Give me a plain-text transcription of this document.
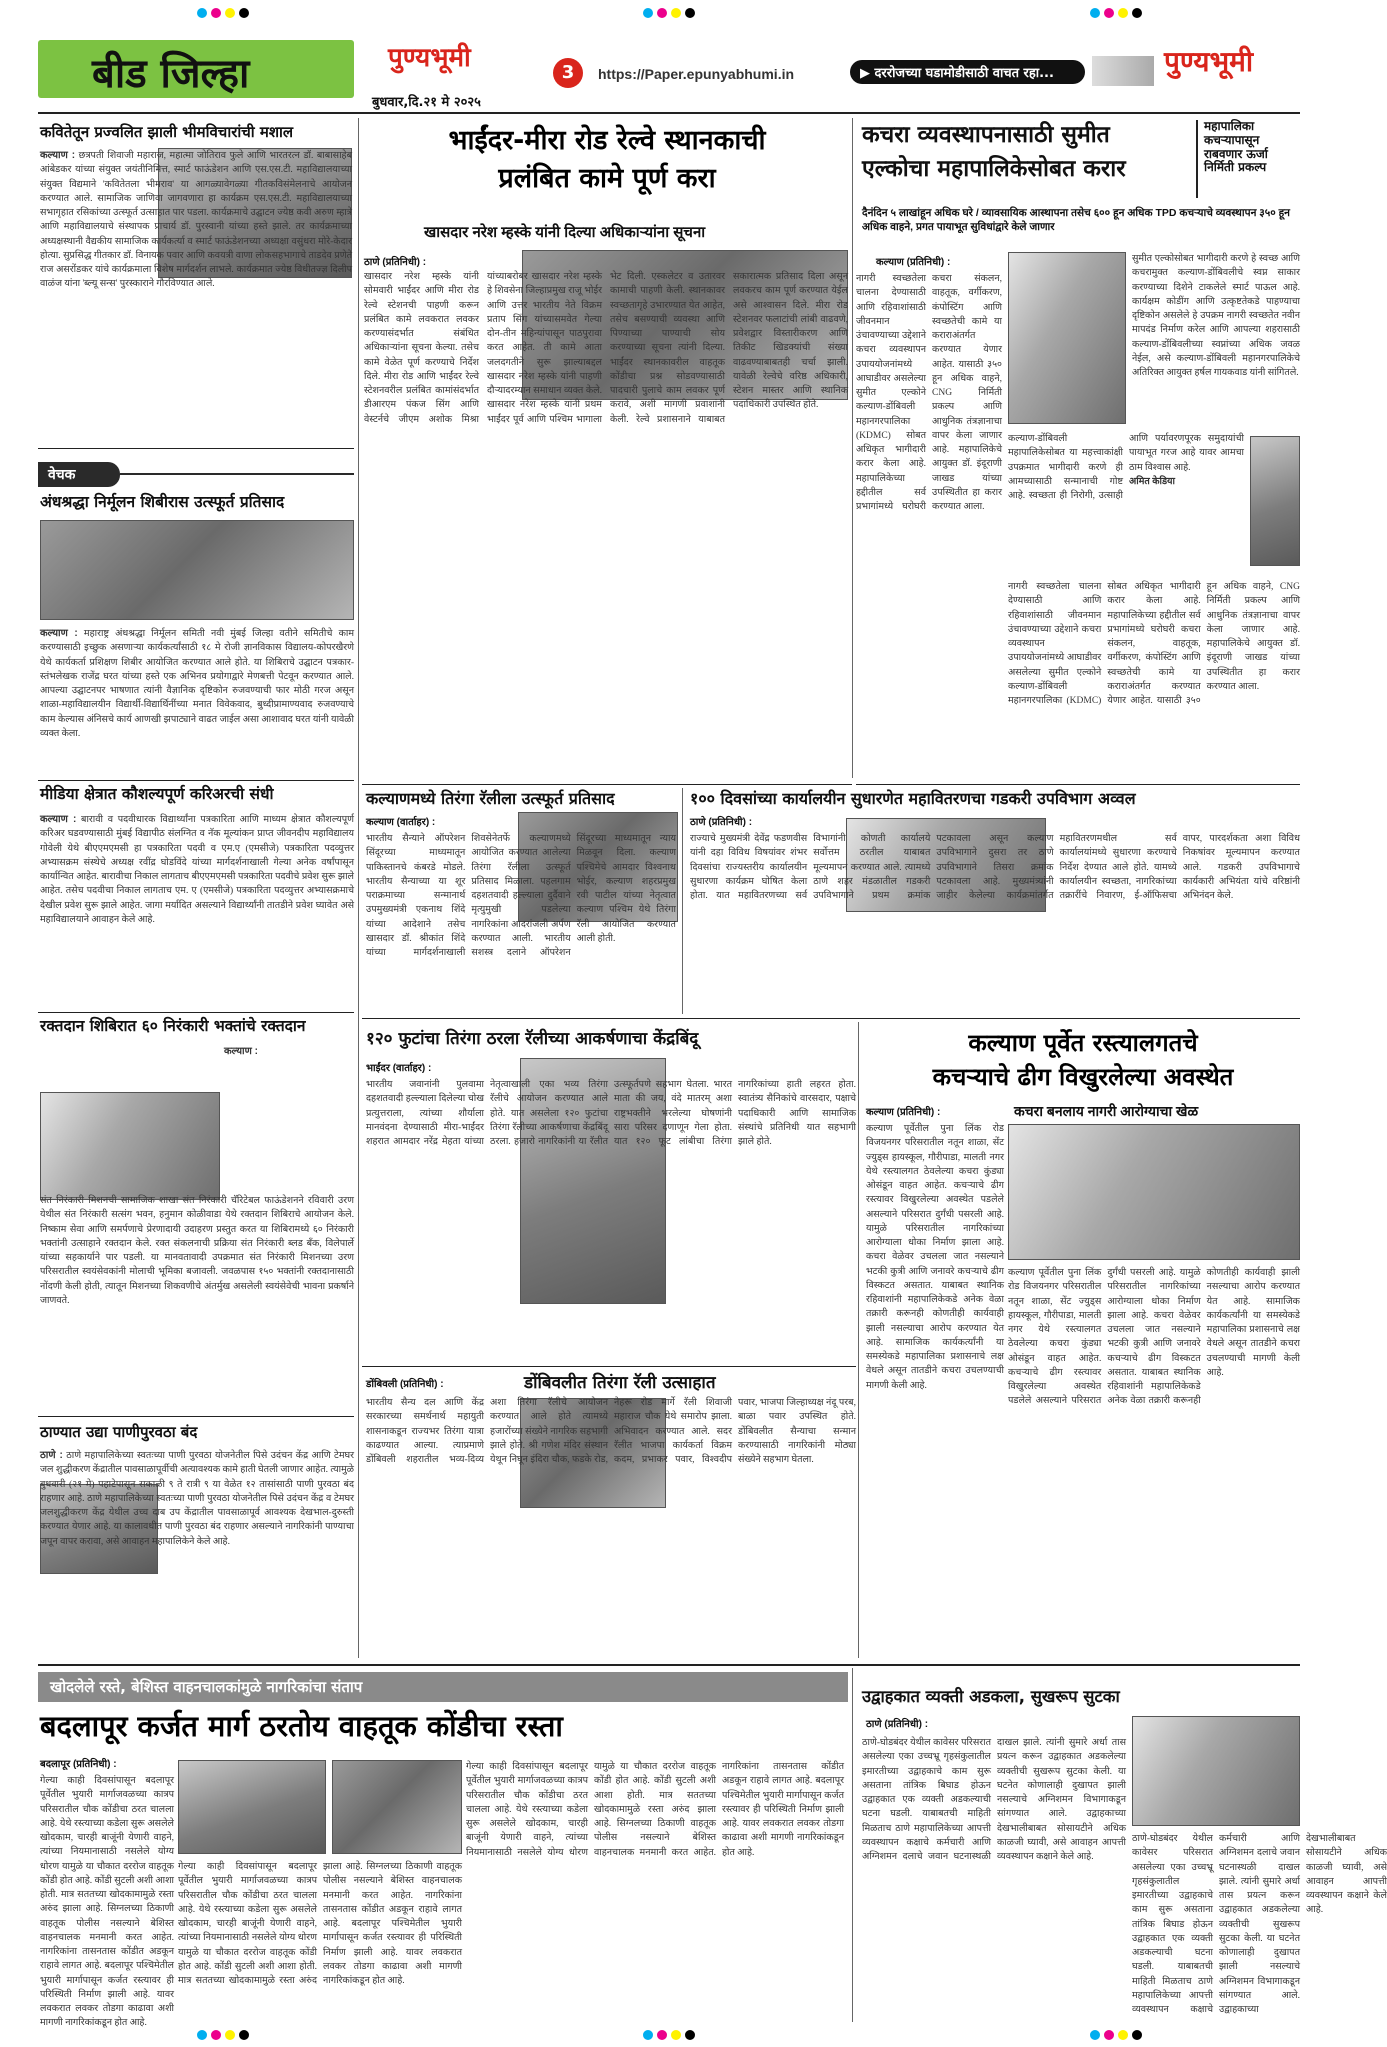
बीड जिल्हा	पुण्यभूमी	3	https://Paper.epunyabhumi.in	▶ दररोजच्या घडामोडीसाठी वाचत रहा...	पुण्यभूमी
बुधवार,दि.२१ मे २०२५
कवितेतून प्रज्वलित झाली भीमविचारांची मशाल

कल्याण : छत्रपती शिवाजी महाराज, महात्मा जोतिराव फुले आणि भारतरत्न डॉ. बाबासाहेब आंबेडकर यांच्या संयुक्त जयंतीनिमित्त, स्मार्ट फाऊंडेशन आणि एस.एस.टी. महाविद्यालयाच्या संयुक्त विद्यमाने 'कवितेतला भीमराव' या आगळ्यावेगळ्या गीतकविसंमेलनाचे आयोजन करण्यात आले. सामाजिक जाणिवा जागवणारा हा कार्यक्रम एस.एस.टी. महाविद्यालयाच्या सभागृहात रसिकांच्या उत्स्फूर्त उत्साहात पार पडला. कार्यक्रमाचे उद्घाटन ज्येष्ठ कवी अरुण म्हात्रे आणि महाविद्यालयाचे संस्थापक प्राचार्य डॉ. पुरस्वानी यांच्या हस्ते झाले. तर कार्यक्रमाच्या अध्यक्षस्थानी वैद्यकीय सामाजिक कार्यकर्त्या व स्मार्ट फाऊंडेशनच्या अध्यक्षा वसुंधरा मोरे-केदार होत्या. सुप्रसिद्ध गीतकार डॉ. विनायक पवार आणि कवयत्री वाणा लोकसहभागाचे ताडदेव प्रणेते राज असरोंडकर यांचे कार्यक्रमाला विशेष मार्गदर्शन लाभले. कार्यक्रमात ज्येष्ठ विधीतज्ज्ञ दिलीप वाळंज यांना 'ब्ल्यू सन्स' पुरस्काराने गौरविण्यात आले.

वेचक
अंधश्रद्धा निर्मूलन शिबीरास उत्स्फूर्त प्रतिसाद

कल्याण : महाराष्ट्र अंधश्रद्धा निर्मूलन समिती नवी मुंबई जिल्हा वतीने समितीचे काम करण्यासाठी इच्छुक असणाऱ्या कार्यकर्त्यांसाठी १८ मे रोजी ज्ञानविकास विद्यालय-कोपरखैरणे येथे कार्यकर्ता प्रशिक्षण शिबीर आयोजित करण्यात आले होते. या शिबिराचे उद्घाटन पत्रकार-स्तंभलेखक राजेंद्र घरत यांच्या हस्ते एक अभिनव प्रयोगाद्वारे मेणबत्ती पेटवून करण्यात आले. आपल्या उद्घाटनपर भाषणात त्यांनी वैज्ञानिक दृष्टिकोन रुजवण्याची फार मोठी गरज असून शाळा-महाविद्यालयीन विद्यार्थी-विद्यार्थिनींच्या मनात विवेकवाद, बुध्दीप्रामाण्यवाद रुजवण्याचे काम केल्यास अंनिसचे कार्य आणखी झपाट्याने वाढत जाईल असा आशावाद घरत यांनी यावेळी व्यक्त केला.

मीडिया क्षेत्रात कौशल्यपूर्ण करिअरची संधी

कल्याण : बारावी व पदवीधारक विद्यार्थ्यांना पत्रकारिता आणि माध्यम क्षेत्रात कौशल्यपूर्ण करिअर घडवण्यासाठी मुंबई विद्यापीठ संलग्नित व नॅक मूल्यांकन प्राप्त जीवनदीप महाविद्यालय गोवेली येथे बीएएमएमसी हा पत्रकारिता पदवी व एम.ए (एमसीजे) पत्रकारिता पदव्युत्तर अभ्यासक्रम संस्थेचे अध्यक्ष रवींद्र घोडविंदे यांच्या मार्गदर्शनाखाली गेल्या अनेक वर्षांपासून कार्यान्वित आहेत. बारावीचा निकाल लागताच बीएएमएमसी पत्रकारिता पदवीचे प्रवेश सुरू झाले आहेत. तसेच पदवीचा निकाल लागताच एम. ए (एमसीजे) पत्रकारिता पदव्युत्तर अभ्यासक्रमाचे देखील प्रवेश सुरू झाले आहेत. जागा मर्यादित असल्याने विद्यार्थ्यांनी तातडीने प्रवेश घ्यावेत असे महाविद्यालयाने आवाहन केले आहे.

रक्तदान शिबिरात ६० निरंकारी भक्तांचे रक्तदान

कल्याण :

संत निरंकारी मिशनची सामाजिक शाखा संत निरंकारी चॅरिटेबल फाऊंडेशनने रविवारी उरण येथील संत निरंकारी सत्संग भवन, हनुमान कोळीवाडा येथे रक्तदान शिबिराचे आयोजन केले. निष्काम सेवा आणि समर्पणाचे प्रेरणादायी उदाहरण प्रस्तुत करत या शिबिरामध्ये ६० निरंकारी भक्तांनी उत्साहाने रक्तदान केले. रक्त संकलनाची प्रक्रिया संत निरंकारी ब्लड बँक, विलेपार्ले यांच्या सहकार्याने पार पडली. या मानवतावादी उपक्रमात संत निरंकारी मिशनच्या उरण परिसरातील स्वयंसेवकांनी मोलाची भूमिका बजावली. जवळपास १५० भक्तांनी रक्तदानासाठी नोंदणी केली होती, त्यातून मिशनच्या शिकवणीचे अंतर्मुख असलेली स्वयंसेवेची भावना प्रकर्षाने जाणवते.

ठाण्यात उद्या पाणीपुरवठा बंद

ठाणे : ठाणे महापालिकेच्या स्वतःच्या पाणी पुरवठा योजनेतील पिसे उदंचन केंद्र आणि टेमघर जल शुद्धीकरण केंद्रातील पावसाळापूर्वीची अत्यावश्यक कामे हाती घेतली जाणार आहेत. त्यामुळे बुधवारी (२१ मे) पहाटेपासून सकाळी ९ ते रात्री ९ या वेळेत १२ तासांसाठी पाणी पुरवठा बंद राहणार आहे. ठाणे महापालिकेच्या स्वतःच्या पाणी पुरवठा योजनेतील पिसे उदंचन केंद्र व टेमघर जलशुद्धीकरण केंद्र येथील उच्च दाब उप केंद्रातील पावसाळापूर्व आवश्यक देखभाल-दुरुस्ती करण्यात येणार आहे. या कालावधीत पाणी पुरवठा बंद राहणार असल्याने नागरिकांनी पाण्याचा जपून वापर करावा, असे आवाहन महापालिकेने केले आहे.

भाईंदर-मीरा रोड रेल्वे स्थानकाची
प्रलंबित कामे पूर्ण करा
खासदार नरेश म्हस्के यांनी दिल्या अधिकाऱ्यांना सूचना
ठाणे (प्रतिनिधी) :

खासदार नरेश म्हस्के यांनी सोमवारी भाईंदर आणि मीरा रोड रेल्वे स्टेशनची पाहणी करून प्रलंबित कामे लवकरात लवकर करण्यासंदर्भात संबंधित अधिकाऱ्यांना सूचना केल्या. तसेच कामे वेळेत पूर्ण करण्याचे निर्देश दिले. मीरा रोड आणि भाईंदर रेल्वे स्टेशनवरील प्रलंबित कामांसंदर्भात डीआरएम पंकज सिंग आणि वेस्टर्नचे जीएम अशोक मिश्रा यांच्याबरोबर खासदार नरेश म्हस्के हे शिवसेना जिल्हाप्रमुख राजू भोईर आणि उत्तर भारतीय नेते विक्रम प्रताप सिंग यांच्यासमवेत गेल्या दोन-तीन महिन्यांपासून पाठपुरावा करत आहेत. ती कामे आता जलदगतीने सुरू झाल्याबद्दल खासदार नरेश म्हस्के यांनी पाहणी दौऱ्यादरम्यान समाधान व्यक्त केले. खासदार नरेश म्हस्के यांनी प्रथम भाईंदर पूर्व आणि पश्चिम भागाला भेट दिली. एस्कलेटर व उतारवर कामाची पाहणी केली. स्थानकावर स्वच्छतागृहे उभारण्यात येत आहेत, तसेच बसण्याची व्यवस्था आणि पिण्याच्या पाण्याची सोय करण्याच्या सूचना त्यांनी दिल्या. भाईंदर स्थानकावरील वाहतूक कोंडीचा प्रश्न सोडवण्यासाठी पादचारी पुलाचे काम लवकर पूर्ण करावे, अशी मागणी प्रवाशांनी केली. रेल्वे प्रशासनाने याबाबत सकारात्मक प्रतिसाद दिला असून लवकरच काम पूर्ण करण्यात येईल असे आश्वासन दिले. मीरा रोड स्टेशनवर फलाटांची लांबी वाढवणे, प्रवेशद्वार विस्तारीकरण आणि तिकीट खिडक्यांची संख्या वाढवण्याबाबतही चर्चा झाली. यावेळी रेल्वेचे वरिष्ठ अधिकारी, स्टेशन मास्तर आणि स्थानिक पदाधिकारी उपस्थित होते.

कचरा व्यवस्थापनासाठी सुमीत
एल्कोचा महापालिकेसोबत करार
दैनंदिन ५ लाखांहून अधिक घरे / व्यावसायिक आस्थापना तसेच ६०० हून अधिक TPD कचऱ्याचे व्यवस्थापन ३५० हून अधिक वाहने, प्रगत पायाभूत सुविधांद्वारे केले जाणार
महापालिका
कचऱ्यापासून
राबवणार ऊर्जा
निर्मिती प्रकल्प
कल्याण (प्रतिनिधी) :

नागरी स्वच्छतेला चालना देण्यासाठी आणि रहिवाशांसाठी जीवनमान उंचावण्याच्या उद्देशाने कचरा व्यवस्थापन उपाययोजनांमध्ये आघाडीवर असलेल्या सुमीत एल्कोने कल्याण-डोंबिवली महानगरपालिका (KDMC) सोबत अधिकृत भागीदारी करार केला आहे. महापालिकेच्या हद्दीतील सर्व प्रभागांमध्ये घरोघरी कचरा संकलन, वाहतूक, वर्गीकरण, कंपोस्टिंग आणि स्वच्छतेची कामे या कराराअंतर्गत करण्यात येणार आहेत. यासाठी ३५० हून अधिक वाहने, CNG निर्मिती प्रकल्प आणि आधुनिक तंत्रज्ञानाचा वापर केला जाणार आहे. महापालिकेचे आयुक्त डॉ. इंदूराणी जाखड यांच्या उपस्थितीत हा करार करण्यात आला.

सुमीत एल्कोसोबत भागीदारी करणे हे स्वच्छ आणि कचरामुक्त कल्याण-डोंबिवलीचे स्वप्न साकार करण्याच्या दिशेने टाकलेले स्मार्ट पाऊल आहे. कार्यक्षम कोडींग आणि उत्कृष्टतेकडे पाहण्याचा दृष्टिकोन असलेले हे उपक्रम नागरी स्वच्छतेत नवीन मापदंड निर्माण करेल आणि आपल्या शहरासाठी कल्याण-डोंबिवलीच्या स्वप्नांच्या अधिक जवळ नेईल, असे कल्याण-डोंबिवली महानगरपालिकेचे अतिरिक्त आयुक्त हर्षल गायकवाड यांनी सांगितले.

कल्याण-डोंबिवली महापालिकेसोबत या महत्त्वाकांक्षी उपक्रमात भागीदारी करणे ही आमच्यासाठी सन्मानाची गोष्ट आहे. स्वच्छता ही निरोगी, उत्साही आणि पर्यावरणपूरक समुदायांची पायाभूत गरज आहे यावर आमचा ठाम विश्वास आहे.

अमित केडिया

नागरी स्वच्छतेला चालना देण्यासाठी आणि रहिवाशांसाठी जीवनमान उंचावण्याच्या उद्देशाने कचरा व्यवस्थापन उपाययोजनांमध्ये आघाडीवर असलेल्या सुमीत एल्कोने कल्याण-डोंबिवली महानगरपालिका (KDMC) सोबत अधिकृत भागीदारी करार केला आहे. महापालिकेच्या हद्दीतील सर्व प्रभागांमध्ये घरोघरी कचरा संकलन, वाहतूक, वर्गीकरण, कंपोस्टिंग आणि स्वच्छतेची कामे या कराराअंतर्गत करण्यात येणार आहेत. यासाठी ३५० हून अधिक वाहने, CNG निर्मिती प्रकल्प आणि आधुनिक तंत्रज्ञानाचा वापर केला जाणार आहे. महापालिकेचे आयुक्त डॉ. इंदूराणी जाखड यांच्या उपस्थितीत हा करार करण्यात आला.

कल्याणमध्ये तिरंगा रॅलीला उत्स्फूर्त प्रतिसाद
कल्याण (वार्ताहर) :

भारतीय सैन्याने ऑपरेशन सिंदूरच्या माध्यमातून पाकिस्तानचे कंबरडे मोडले. भारतीय सैन्याच्या या शूर पराक्रमाच्या सन्मानार्थ उपमुख्यमंत्री एकनाथ शिंदे यांच्या आदेशाने तसेच खासदार डॉ. श्रीकांत शिंदे यांच्या मार्गदर्शनाखाली शिवसेनेतर्फे कल्याणमध्ये आयोजित करण्यात आलेल्या तिरंगा रॅलीला उत्स्फूर्त प्रतिसाद मिळाला. पहलगाम दहशतवादी हल्ल्याला दुर्दैवाने मृत्युमुखी पडलेल्या नागरिकांना आदरांजली अर्पण करण्यात आली. भारतीय सशस्त्र दलाने ऑपरेशन सिंदूरच्या माध्यमातून न्याय मिळवून दिला. कल्याण पश्चिमेचे आमदार विश्वनाथ भोईर, कल्याण शहरप्रमुख रवी पाटील यांच्या नेतृत्वात कल्याण पश्चिम येथे तिरंगा रॅली आयोजित करण्यात आली होती.

१०० दिवसांच्या कार्यालयीन सुधारणेत महावितरणचा गडकरी उपविभाग अव्वल
ठाणे (प्रतिनिधी) :

राज्याचे मुख्यमंत्री देवेंद्र फडणवीस यांनी दहा विविध विषयांवर शंभर दिवसांचा राज्यस्तरीय कार्यालयीन सुधारणा कार्यक्रम घोषित केला होता. यात महावितरणच्या सर्व विभागांनी कोणती कार्यालये सर्वोत्तम ठरतील याबाबत मूल्यमापन करण्यात आले. त्यामध्ये ठाणे शहर मंडळातील गडकरी उपविभागाने प्रथम क्रमांक पटकावला असून कल्याण उपविभागाने दुसरा तर ठाणे उपविभागाने तिसरा क्रमांक पटकावला आहे. मुख्यमंत्र्यांनी जाहीर केलेल्या कार्यक्रमांतर्गत महावितरणमधील सर्व कार्यालयांमध्ये सुधारणा करण्याचे निर्देश देण्यात आले होते. यामध्ये कार्यालयीन स्वच्छता, नागरिकांच्या तक्रारींचे निवारण, ई-ऑफिसचा वापर, पारदर्शकता अशा विविध निकषांवर मूल्यमापन करण्यात आले. गडकरी उपविभागाचे कार्यकारी अभियंता यांचे वरिष्ठांनी अभिनंदन केले.

१२० फुटांचा तिरंगा ठरला रॅलीच्या आकर्षणाचा केंद्रबिंदू
भाईंदर (वार्ताहर) :

भारतीय जवानांनी पुलवामा दहशतवादी हल्ल्याला दिलेल्या चोख प्रत्युत्तराला, त्यांच्या शौर्याला मानवंदना देण्यासाठी मीरा-भाईंदर शहरात आमदार नरेंद्र मेहता यांच्या नेतृत्वाखाली एका भव्य तिरंगा रॅलीचे आयोजन करण्यात आले होते. यात असलेला १२० फुटांचा तिरंगा रॅलीच्या आकर्षणाचा केंद्रबिंदू ठरला. हजारो नागरिकांनी या रॅलीत उत्स्फूर्तपणे सहभाग घेतला. भारत माता की जय, वंदे मातरम् अशा राष्ट्रभक्तीने भरलेल्या घोषणांनी सारा परिसर दणाणून गेला होता. यात १२० फूट लांबीचा तिरंगा नागरिकांच्या हाती लहरत होता. स्वातंत्र्य सैनिकांचे वारसदार, पक्षाचे पदाधिकारी आणि सामाजिक संस्थांचे प्रतिनिधी यात सहभागी झाले होते.

डोंबिवली (प्रतिनिधी) :	डोंबिवलीत तिरंगा रॅली उत्साहात

भारतीय सैन्य दल आणि केंद्र सरकारच्या समर्थनार्थ महायुती शासनाकडून राज्यभर तिरंगा यात्रा काढण्यात आल्या. त्याप्रमाणे डोंबिवली शहरातील भव्य-दिव्य अशा तिरंगा रॅलीचे आयोजन करण्यात आले होते त्यामध्ये हजारोंच्या संख्येने नागरिक सहभागी झाले होते. श्री गणेश मंदिर संस्थान येथून निघून इंदिरा चौक, फडके रोड, नेहरू रोड मार्गे रॅली शिवाजी महाराज चौक येथे समारोप झाला. अभिवादन करण्यात आले. सदर रॅलीत भाजपा कार्यकर्ता विक्रम कदम, प्रभाकर पवार, विश्वदीप पवार, भाजपा जिल्हाध्यक्ष नंदू परब, बाळा पवार उपस्थित होते. डोंबिवलीत सैन्याचा सन्मान करण्यासाठी नागरिकांनी मोठ्या संख्येने सहभाग घेतला.

कल्याण पूर्वेत रस्त्यालगतचे
कचऱ्याचे ढीग विखुरलेल्या अवस्थेत
कल्याण (प्रतिनिधी) :	कचरा बनलाय नागरी आरोग्याचा खेळ

कल्याण पूर्वेतील पुना लिंक रोड विजयनगर परिसरातील नतून शाळा, सेंट ज्युड्स हायस्कूल, गौरीपाडा, मालती नगर येथे रस्त्यालगत ठेवलेल्या कचरा कुंड्या ओसंडून वाहत आहेत. कचऱ्याचे ढीग रस्त्यावर विखुरलेल्या अवस्थेत पडलेले असल्याने परिसरात दुर्गंधी पसरली आहे. यामुळे परिसरातील नागरिकांच्या आरोग्याला धोका निर्माण झाला आहे. कचरा वेळेवर उचलला जात नसल्याने भटकी कुत्री आणि जनावरे कचऱ्याचे ढीग विस्कटत असतात. याबाबत स्थानिक रहिवाशांनी महापालिकेकडे अनेक वेळा तक्रारी करूनही कोणतीही कार्यवाही झाली नसल्याचा आरोप करण्यात येत आहे. सामाजिक कार्यकर्त्यांनी या समस्येकडे महापालिका प्रशासनाचे लक्ष वेधले असून तातडीने कचरा उचलण्याची मागणी केली आहे.

कल्याण पूर्वेतील पुना लिंक रोड विजयनगर परिसरातील नतून शाळा, सेंट ज्युड्स हायस्कूल, गौरीपाडा, मालती नगर येथे रस्त्यालगत ठेवलेल्या कचरा कुंड्या ओसंडून वाहत आहेत. कचऱ्याचे ढीग रस्त्यावर विखुरलेल्या अवस्थेत पडलेले असल्याने परिसरात दुर्गंधी पसरली आहे. यामुळे परिसरातील नागरिकांच्या आरोग्याला धोका निर्माण झाला आहे. कचरा वेळेवर उचलला जात नसल्याने भटकी कुत्री आणि जनावरे कचऱ्याचे ढीग विस्कटत असतात. याबाबत स्थानिक रहिवाशांनी महापालिकेकडे अनेक वेळा तक्रारी करूनही कोणतीही कार्यवाही झाली नसल्याचा आरोप करण्यात येत आहे. सामाजिक कार्यकर्त्यांनी या समस्येकडे महापालिका प्रशासनाचे लक्ष वेधले असून तातडीने कचरा उचलण्याची मागणी केली आहे.

खोदलेले रस्ते, बेशिस्त वाहनचालकांमुळे नागरिकांचा संताप
बदलापूर कर्जत मार्ग ठरतोय वाहतूक कोंडीचा रस्ता
बदलापूर (प्रतिनिधी) :

गेल्या काही दिवसांपासून बदलापूर पूर्वेतील भुयारी मार्गाजवळच्या कात्रप परिसरातील चौक कोंडीचा ठरत चालला आहे. येथे रस्त्याच्या कडेला सुरू असलेले खोदकाम, चारही बाजूंनी येणारी वाहने, त्यांच्या नियमानासाठी नसलेले योग्य धोरण यामुळे या चौकात दररोज वाहतूक कोंडी होत आहे. कोंडी सुटली अशी आशा होती. मात्र सततच्या खोदकामामुळे रस्ता अरुंद झाला आहे. सिग्नलच्या ठिकाणी वाहतूक पोलीस नसल्याने बेशिस्त वाहनचालक मनमानी करत आहेत. नागरिकांना तासनतास कोंडीत अडकून राहावे लागत आहे. बदलापूर पश्चिमेतील भुयारी मार्गापासून कर्जत रस्त्यावर ही परिस्थिती निर्माण झाली आहे. यावर लवकरात लवकर तोडगा काढावा अशी मागणी नागरिकांकडून होत आहे.

गेल्या काही दिवसांपासून बदलापूर पूर्वेतील भुयारी मार्गाजवळच्या कात्रप परिसरातील चौक कोंडीचा ठरत चालला आहे. येथे रस्त्याच्या कडेला सुरू असलेले खोदकाम, चारही बाजूंनी येणारी वाहने, त्यांच्या नियमानासाठी नसलेले योग्य धोरण यामुळे या चौकात दररोज वाहतूक कोंडी होत आहे. कोंडी सुटली अशी आशा होती. मात्र सततच्या खोदकामामुळे रस्ता अरुंद झाला आहे. सिग्नलच्या ठिकाणी वाहतूक पोलीस नसल्याने बेशिस्त वाहनचालक मनमानी करत आहेत. नागरिकांना तासनतास कोंडीत अडकून राहावे लागत आहे. बदलापूर पश्चिमेतील भुयारी मार्गापासून कर्जत रस्त्यावर ही परिस्थिती निर्माण झाली आहे. यावर लवकरात लवकर तोडगा काढावा अशी मागणी नागरिकांकडून होत आहे.

गेल्या काही दिवसांपासून बदलापूर पूर्वेतील भुयारी मार्गाजवळच्या कात्रप परिसरातील चौक कोंडीचा ठरत चालला आहे. येथे रस्त्याच्या कडेला सुरू असलेले खोदकाम, चारही बाजूंनी येणारी वाहने, त्यांच्या नियमानासाठी नसलेले योग्य धोरण यामुळे या चौकात दररोज वाहतूक कोंडी होत आहे. कोंडी सुटली अशी आशा होती. मात्र सततच्या खोदकामामुळे रस्ता अरुंद झाला आहे. सिग्नलच्या ठिकाणी वाहतूक पोलीस नसल्याने बेशिस्त वाहनचालक मनमानी करत आहेत. नागरिकांना तासनतास कोंडीत अडकून राहावे लागत आहे. बदलापूर पश्चिमेतील भुयारी मार्गापासून कर्जत रस्त्यावर ही परिस्थिती निर्माण झाली आहे. यावर लवकरात लवकर तोडगा काढावा अशी मागणी नागरिकांकडून होत आहे.

उद्वाहकात व्यक्ती अडकला, सुखरूप सुटका
ठाणे (प्रतिनिधी) :

ठाणे-घोडबंदर येथील कावेसर परिसरात असलेल्या एका उच्चभ्रू गृहसंकुलातील इमारतीच्या उद्वाहकाचे काम सुरू असताना तांत्रिक बिघाड होऊन उद्वाहकात एक व्यक्ती अडकल्याची घटना घडली. याबाबतची माहिती मिळताच ठाणे महापालिकेच्या आपत्ती व्यवस्थापन कक्षाचे कर्मचारी आणि अग्निशमन दलाचे जवान घटनास्थळी दाखल झाले. त्यांनी सुमारे अर्धा तास प्रयत्न करून उद्वाहकात अडकलेल्या व्यक्तीची सुखरूप सुटका केली. या घटनेत कोणालाही दुखापत झाली नसल्याचे अग्निशमन विभागाकडून सांगण्यात आले. उद्वाहकाच्या देखभालीबाबत सोसायटीने अधिक काळजी घ्यावी, असे आवाहन आपत्ती व्यवस्थापन कक्षाने केले आहे.

ठाणे-घोडबंदर येथील कावेसर परिसरात असलेल्या एका उच्चभ्रू गृहसंकुलातील इमारतीच्या उद्वाहकाचे काम सुरू असताना तांत्रिक बिघाड होऊन उद्वाहकात एक व्यक्ती अडकल्याची घटना घडली. याबाबतची माहिती मिळताच ठाणे महापालिकेच्या आपत्ती व्यवस्थापन कक्षाचे कर्मचारी आणि अग्निशमन दलाचे जवान घटनास्थळी दाखल झाले. त्यांनी सुमारे अर्धा तास प्रयत्न करून उद्वाहकात अडकलेल्या व्यक्तीची सुखरूप सुटका केली. या घटनेत कोणालाही दुखापत झाली नसल्याचे अग्निशमन विभागाकडून सांगण्यात आले. उद्वाहकाच्या देखभालीबाबत सोसायटीने अधिक काळजी घ्यावी, असे आवाहन आपत्ती व्यवस्थापन कक्षाने केले आहे.
